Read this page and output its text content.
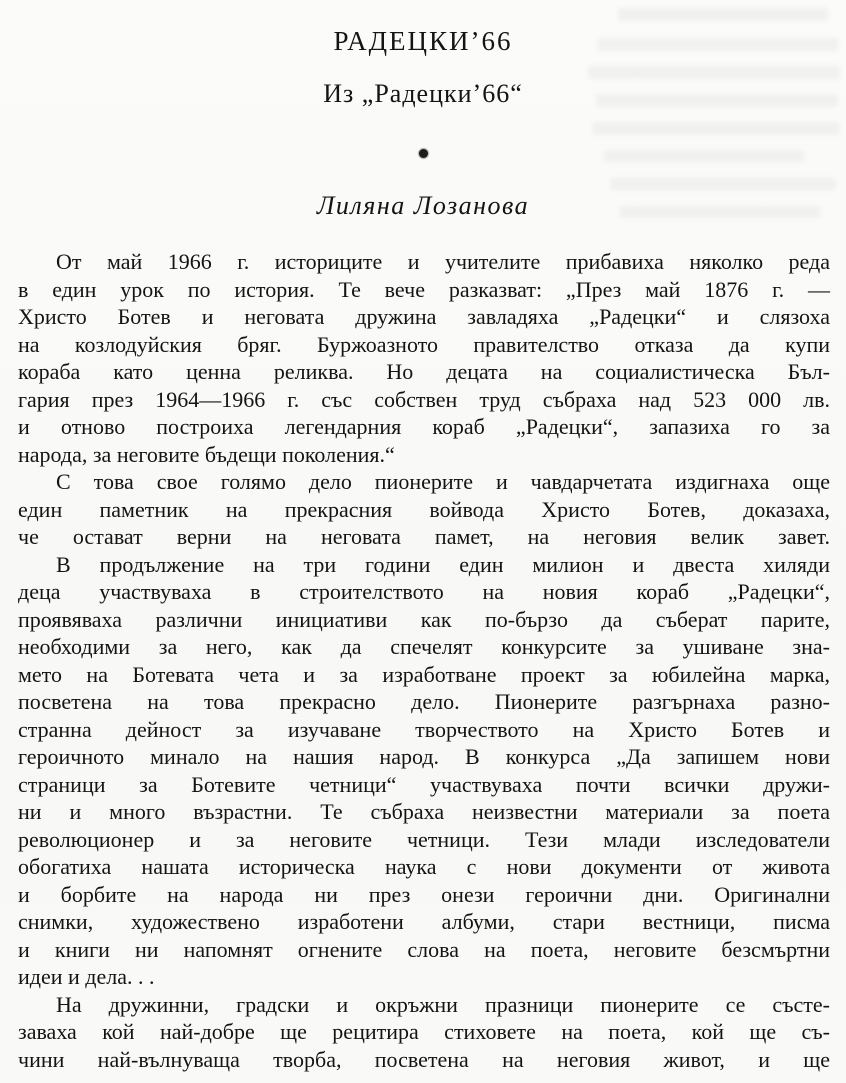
РАДЕЦКИ’66
Из „Радецки’66“
Лиляна Лозанова
От май 1966 г. историците и учителите прибавиха няколко реда
в един урок по история. Те вече разказват: „През май 1876 г. —
Христо Ботев и неговата дружина завладяха „Радецки“ и слязоха
на козлодуйския бряг. Буржоазното правителство отказа да купи
кораба като ценна реликва. Но децата на социалистическа Бъл-
гария през 1964—1966 г. със собствен труд събраха над 523 000 лв.
и отново построиха легендарния кораб „Радецки“, запазиха го за
народа, за неговите бъдещи поколения.“
С това свое голямо дело пионерите и чавдарчетата издигнаха още
един паметник на прекрасния войвода Христо Ботев, доказаха,
че остават верни на неговата памет, на неговия велик завет.
В продължение на три години един милион и двеста хиляди
деца участвуваха в строителството на новия кораб „Радецки“,
проявяваха различни инициативи как по-бързо да съберат парите,
необходими за него, как да спечелят конкурсите за ушиване зна-
мето на Ботевата чета и за изработване проект за юбилейна марка,
посветена на това прекрасно дело. Пионерите разгърнаха разно-
странна дейност за изучаване творчеството на Христо Ботев и
героичното минало на нашия народ. В конкурса „Да запишем нови
страници за Ботевите четници“ участвуваха почти всички дружи-
ни и много възрастни. Те събраха неизвестни материали за поета
революционер и за неговите четници. Тези млади изследователи
обогатиха нашата историческа наука с нови документи от живота
и борбите на народа ни през онези героични дни. Оригинални
снимки, художествено изработени албуми, стари вестници, писма
и книги ни напомнят огнените слова на поета, неговите безсмъртни
идеи и дела. . .
На дружинни, градски и окръжни празници пионерите се състе-
заваха кой най-добре ще рецитира стиховете на поета, кой ще съ-
чини най-вълнуваща творба, посветена на неговия живот, и ще
